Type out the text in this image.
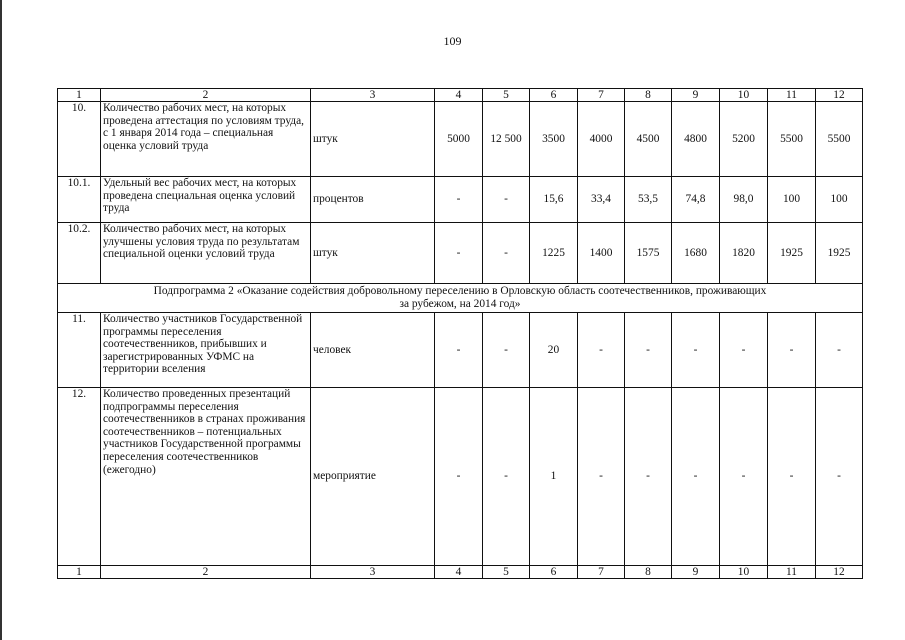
109
1	2	3	4	5	6	7	8	9	10	11	12
10.	Количество рабочих мест, на которых проведена аттестация по условиям труда, с 1 января 2014 года – специальная оценка условий труда	штук	5000	12 500	3500	4000	4500	4800	5200	5500	5500
10.1.	Удельный вес рабочих мест, на которых проведена специальная оценка условий труда	процентов	-	-	15,6	33,4	53,5	74,8	98,0	100	100
10.2.	Количество рабочих мест, на которых улучшены условия труда по результатам специальной оценки условий труда	штук	-	-	1225	1400	1575	1680	1820	1925	1925
Подпрограмма 2 «Оказание содействия добровольному переселению в Орловскую область соотечественников, проживающих за рубежом, на 2014 год»											
11.	Количество участников Государственной программы переселения соотечественников, прибывших и зарегистрированных УФМС на территории вселения	человек	-	-	20	-	-	-	-	-	-
12.	Количество проведенных презентаций подпрограммы переселения соотечественников в странах проживания соотечественников – потенциальных участников Государственной программы переселения соотечественников (ежегодно)	мероприятие	-	-	1	-	-	-	-	-	-
1	2	3	4	5	6	7	8	9	10	11	12
